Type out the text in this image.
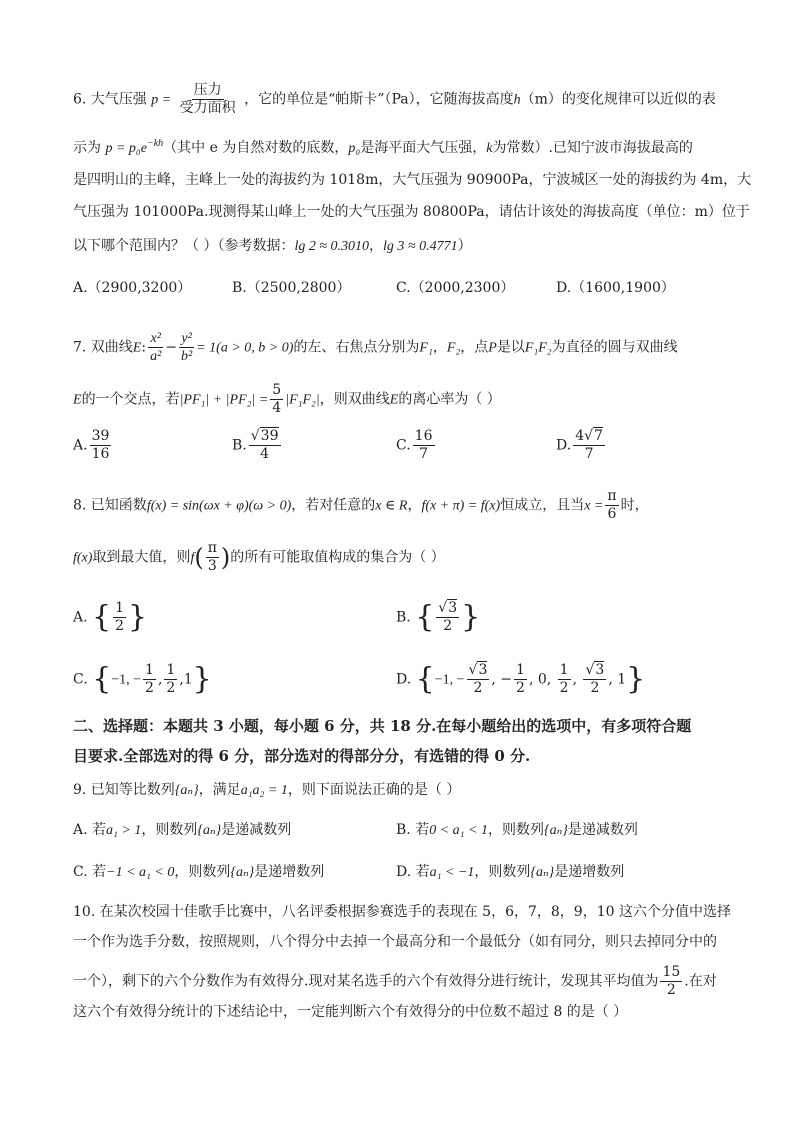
6. 大气压强 $p = \frac{\text{压力}}{\text{受力面积}}$ ，它的单位是“帕斯卡”（Pa），它随海拔高度h（m）的变化规律可以近似的表
示为 $p = p_0e^{-kh}$（其中 e 为自然对数的底数，p₀是海平面大气压强，k为常数）.已知宁波市海拔最高的
是四明山的主峰，主峰上一处的海拔约为 1018m，大气压强为 90900Pa，宁波城区一处的海拔约为 4m，大
气压强为 101000Pa.现测得某山峰上一处的大气压强为 80800Pa，请估计该处的海拔高度（单位：m）位于
以下哪个范围内？（ ）（参考数据：lg 2 ≈ 0.3010，lg 3 ≈ 0.4771）
A.（2900,3200）	B.（2500,2800）	C.（2000,2300）	D.（1600,1900）
7. 双曲线E: $\frac{\text{x²}}{\text{a²}} - \frac{\text{y²}}{\text{b²}} = 1(a > 0$, b > 0)的左、右焦点分别为F₁，F₂，点P是以F₁F₂为直径的圆与双曲线
E的一个交点，若$|PF_1| + |PF_2| = \frac{5}{4} |F_1F_2|$，则双曲线E的离心率为（ ）
A. $\frac{39}{16}$	B. $\frac{√39}{4}$	C. $\frac{16}{7}$	D. $\frac{4√7}{7}$
8. 已知函数f(x) = sin(ωx + φ)(ω > 0)，若对任意的x ∈ R，f(x + π) = f(x)恒成立，且当$x = \frac{\pi}{6}$ 时，
f(x)取到最大值，则$f( \frac{\pi}{3}$ )的所有可能取值构成的集合为（ ）
A. { $\frac{1}{2}$ }	B. { $\frac{√3}{2}$ }
C. {−1, − $\frac{1}{2}$ , $\frac{1}{2} ,1$}	D. {−1, − $\frac{√3}{2}$ , − $\frac{1}{2}$ , 0, $\frac{1}{2}$ , $\frac{√3}{2}$ , 1}
二、选择题：本题共 3 小题，每小题 6 分，共 18 分.在每小题给出的选项中，有多项符合题
目要求.全部选对的得 6 分，部分选对的得部分分，有选错的得 0 分.
9. 已知等比数列{aₙ}，满足a₁a₂ = 1，则下面说法正确的是（ ）
A. 若a₁ > 1，则数列{aₙ}是递减数列	B. 若0 < a₁ < 1，则数列{aₙ}是递减数列
C. 若−1 < a₁ < 0，则数列{aₙ}是递增数列	D. 若a₁ < −1，则数列{aₙ}是递增数列
10. 在某次校园十佳歌手比赛中，八名评委根据参赛选手的表现在 5，6，7，8，9，10 这六个分值中选择
一个作为选手分数，按照规则，八个得分中去掉一个最高分和一个最低分（如有同分，则只去掉同分中的
一个），剩下的六个分数作为有效得分.现对某名选手的六个有效得分进行统计，发现其平均值为 $\frac{15}{2}$ .在对
这六个有效得分统计的下述结论中，一定能判断六个有效得分的中位数不超过 8 的是（ ）
